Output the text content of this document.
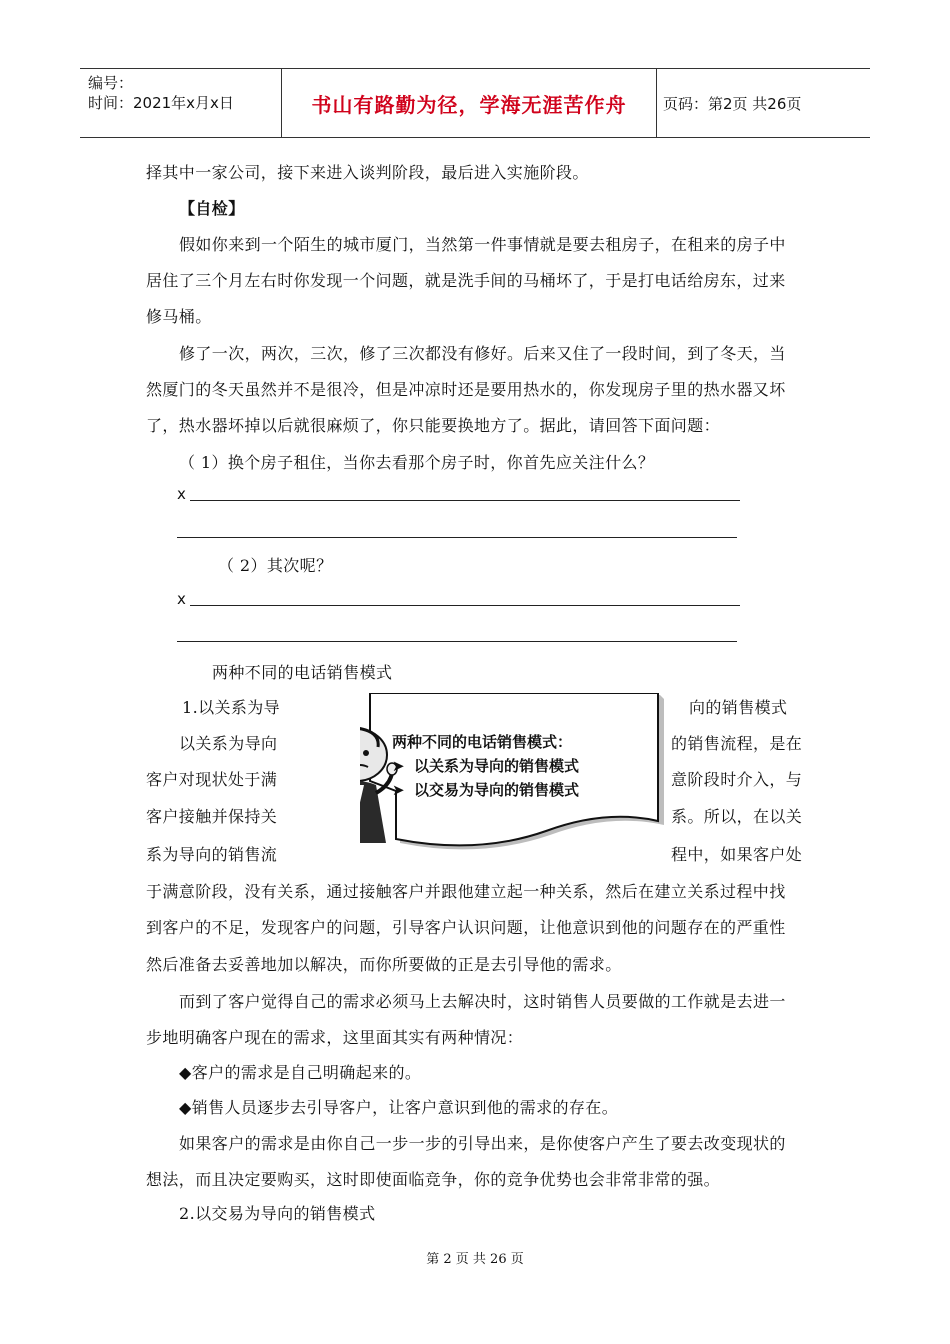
编号：
时间：2021年x月x日	书山有路勤为径，学海无涯苦作舟 页码：第2页 共26页
择其中一家公司，接下来进入谈判阶段，最后进入实施阶段。
【自检】
假如你来到一个陌生的城市厦门，当然第一件事情就是要去租房子，在租来的房子中
居住了三个月左右时你发现一个问题，就是洗手间的马桶坏了，于是打电话给房东，过来
修马桶。
修了一次，两次，三次，修了三次都没有修好。后来又住了一段时间，到了冬天，当
然厦门的冬天虽然并不是很冷，但是冲凉时还是要用热水的，你发现房子里的热水器又坏
了，热水器坏掉以后就很麻烦了，你只能要换地方了。据此，请回答下面问题：
（ 1）换个房子租住，当你去看那个房子时，你首先应关注什么？
x
（ 2）其次呢？
x
两种不同的电话销售模式
1.以关系为导	向的销售模式
以关系为导向	的销售流程，是在
客户对现状处于满	意阶段时介入，与
客户接触并保持关	系。所以，在以关
系为导向的销售流	程中，如果客户处
两种不同的电话销售模式：
➤ 以关系为导向的销售模式
➤ 以交易为导向的销售模式
于满意阶段，没有关系，通过接触客户并跟他建立起一种关系，然后在建立关系过程中找
到客户的不足，发现客户的问题，引导客户认识问题，让他意识到他的问题存在的严重性
然后准备去妥善地加以解决，而你所要做的正是去引导他的需求。
而到了客户觉得自己的需求必须马上去解决时，这时销售人员要做的工作就是去进一
步地明确客户现在的需求，这里面其实有两种情况：
◆客户的需求是自己明确起来的。
◆销售人员逐步去引导客户，让客户意识到他的需求的存在。
如果客户的需求是由你自己一步一步的引导出来，是你使客户产生了要去改变现状的
想法，而且决定要购买，这时即使面临竞争，你的竞争优势也会非常非常的强。
2.以交易为导向的销售模式
第 2 页 共 26 页
